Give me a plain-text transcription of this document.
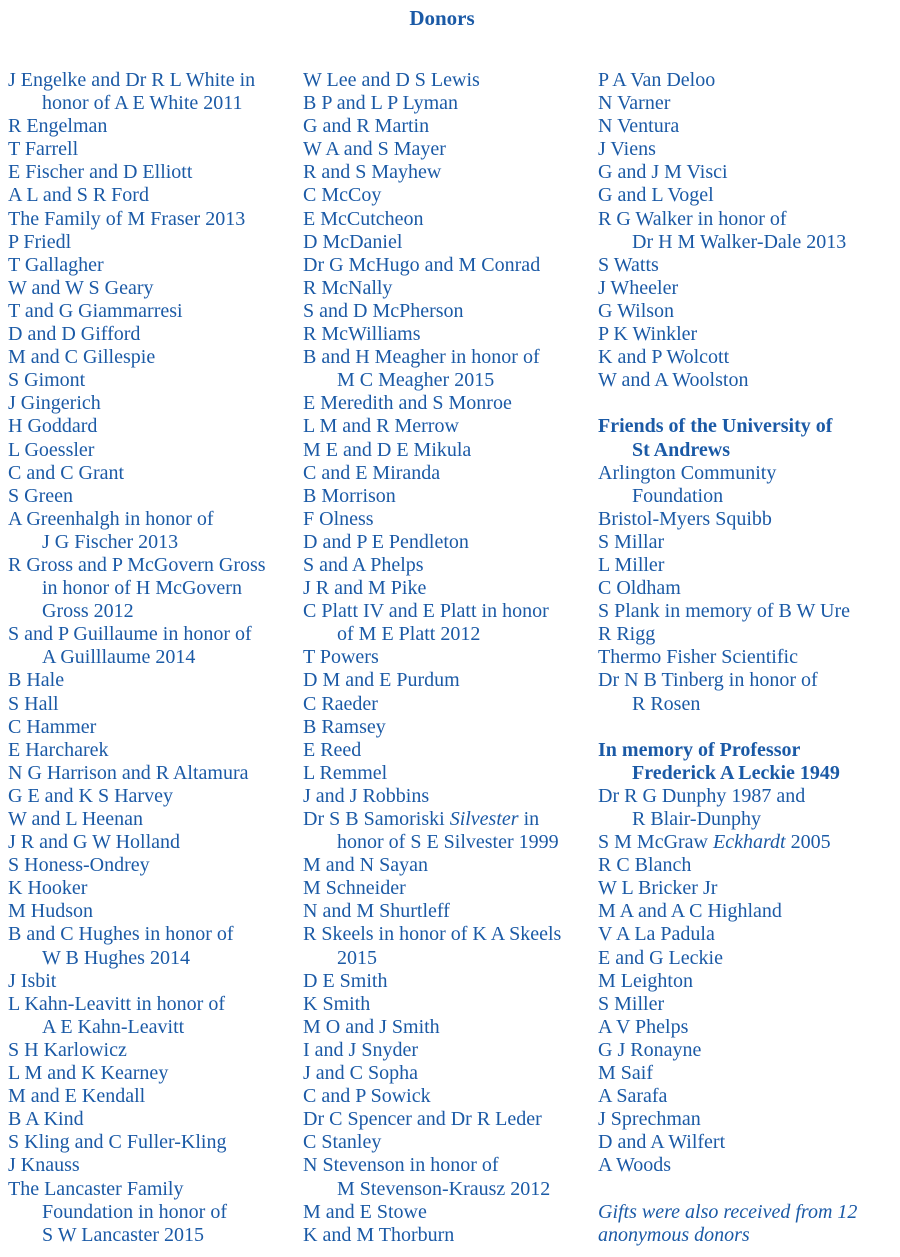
Donors
J Engelke and Dr R L White in
honor of A E White 2011
R Engelman
T Farrell
E Fischer and D Elliott
A L and S R Ford
The Family of M Fraser 2013
P Friedl
T Gallagher
W and W S Geary
T and G Giammarresi
D and D Gifford
M and C Gillespie
S Gimont
J Gingerich
H Goddard
L Goessler
C and C Grant
S Green
A Greenhalgh in honor of
J G Fischer 2013
R Gross and P McGovern Gross
in honor of H McGovern
Gross 2012
S and P Guillaume in honor of
A Guilllaume 2014
B Hale
S Hall
C Hammer
E Harcharek
N G Harrison and R Altamura
G E and K S Harvey
W and L Heenan
J R and G W Holland
S Honess-Ondrey
K Hooker
M Hudson
B and C Hughes in honor of
W B Hughes 2014
J Isbit
L Kahn-Leavitt in honor of
A E Kahn-Leavitt
S H Karlowicz
L M and K Kearney
M and E Kendall
B A Kind
S Kling and C Fuller-Kling
J Knauss
The Lancaster Family
Foundation in honor of
S W Lancaster 2015
W Lee and D S Lewis
B P and L P Lyman
G and R Martin
W A and S Mayer
R and S Mayhew
C McCoy
E McCutcheon
D McDaniel
Dr G McHugo and M Conrad
R McNally
S and D McPherson
R McWilliams
B and H Meagher in honor of
M C Meagher 2015
E Meredith and S Monroe
L M and R Merrow
M E and D E Mikula
C and E Miranda
B Morrison
F Olness
D and P E Pendleton
S and A Phelps
J R and M Pike
C Platt IV and E Platt in honor
of M E Platt 2012
T Powers
D M and E Purdum
C Raeder
B Ramsey
E Reed
L Remmel
J and J Robbins
Dr S B Samoriski Silvester in
honor of S E Silvester 1999
M and N Sayan
M Schneider
N and M Shurtleff
R Skeels in honor of K A Skeels
2015
D E Smith
K Smith
M O and J Smith
I and J Snyder
J and C Sopha
C and P Sowick
Dr C Spencer and Dr R Leder
C Stanley
N Stevenson in honor of
M Stevenson-Krausz 2012
M and E Stowe
K and M Thorburn
P A Van Deloo
N Varner
N Ventura
J Viens
G and J M Visci
G and L Vogel
R G Walker in honor of
Dr H M Walker-Dale 2013
S Watts
J Wheeler
G Wilson
P K Winkler
K and P Wolcott
W and A Woolston
Friends of the University of
St Andrews
Arlington Community
Foundation
Bristol-Myers Squibb
S Millar
L Miller
C Oldham
S Plank in memory of B W Ure
R Rigg
Thermo Fisher Scientific
Dr N B Tinberg in honor of
R Rosen
In memory of Professor
Frederick A Leckie 1949
Dr R G Dunphy 1987 and
R Blair-Dunphy
S M McGraw Eckhardt 2005
R C Blanch
W L Bricker Jr
M A and A C Highland
V A La Padula
E and G Leckie
M Leighton
S Miller
A V Phelps
G J Ronayne
M Saif
A Sarafa
J Sprechman
D and A Wilfert
A Woods
Gifts were also received from 12
anonymous donors
